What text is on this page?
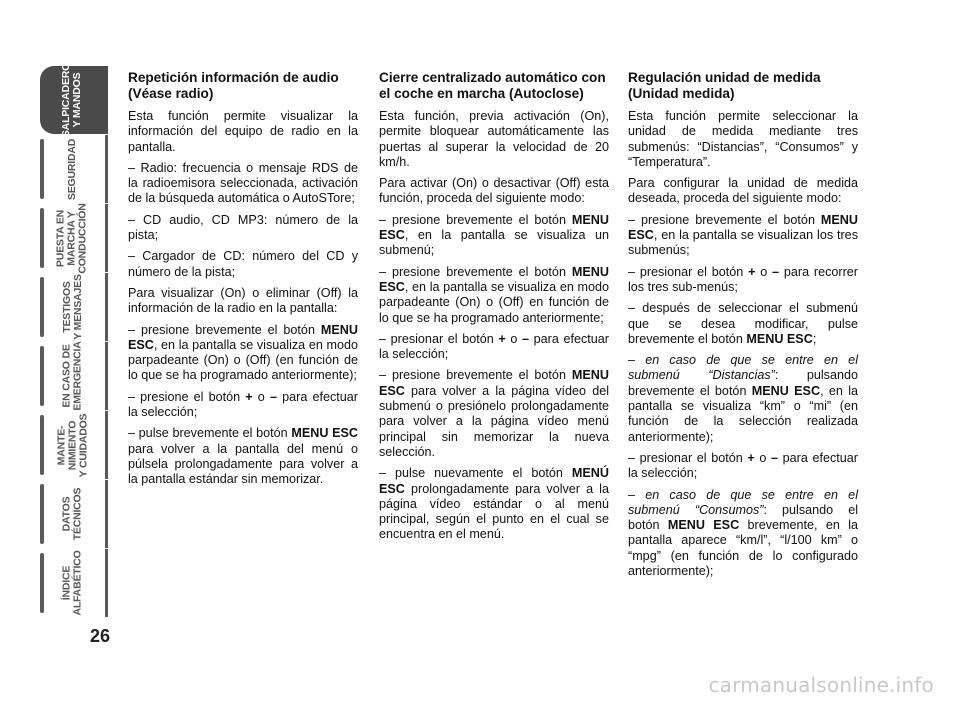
SALPICADERO
Y MANDOS
SEGURIDAD
PUESTA EN
MARCHA Y
CONDUCCIÓN
TESTIGOS
Y MENSAJES
EN CASO DE
EMERGENCIA
MANTE-
NIMIENTO
Y CUIDADOS
DATOS
TÉCNICOS
ÍNDICE
ALFABÉTICO
26
Repetición información de audio (Véase radio)

Esta función permite visualizar la información del equipo de radio en la pantalla.

– Radio: frecuencia o mensaje RDS de la radioemisora seleccionada, activación de la búsqueda automática o AutoSTore;

– CD audio, CD MP3: número de la pista;

– Cargador de CD: número del CD y número de la pista;

Para visualizar (On) o eliminar (Off) la información de la radio en la pantalla:

– presione brevemente el botón MENU ESC, en la pantalla se visualiza en modo parpadeante (On) o (Off) (en función de lo que se ha programado anteriormente);

– presione el botón + o – para efectuar la selección;

– pulse brevemente el botón MENU ESC para volver a la pantalla del menú o púlsela prolongadamente para volver a la pantalla estándar sin memorizar.

Cierre centralizado automático con el coche en marcha (Autoclose)

Esta función, previa activación (On), permite bloquear automáticamente las puertas al superar la velocidad de 20 km/h.

Para activar (On) o desactivar (Off) esta función, proceda del siguiente modo:

– presione brevemente el botón MENU ESC, en la pantalla se visualiza un submenú;

– presione brevemente el botón MENU ESC, en la pantalla se visualiza en modo parpadeante (On) o (Off) en función de lo que se ha programado anteriormente;

– presionar el botón + o – para efectuar la selección;

– presione brevemente el botón MENU ESC para volver a la página vídeo del submenú o presiónelo prolongadamente para volver a la página vídeo menú principal sin memorizar la nueva selección.

– pulse nuevamente el botón MENÚ ESC prolongadamente para volver a la página vídeo estándar o al menú principal, según el punto en el cual se encuentra en el menú.

Regulación unidad de medida (Unidad medida)

Esta función permite seleccionar la unidad de medida mediante tres submenús: “Distancias”, “Consumos” y “Temperatura”.

Para configurar la unidad de medida deseada, proceda del siguiente modo:

– presione brevemente el botón MENU ESC, en la pantalla se visualizan los tres submenús;

– presionar el botón + o – para recorrer los tres sub-menús;

– después de seleccionar el submenú que se desea modificar, pulse brevemente el botón MENU ESC;

– en caso de que se entre en el submenú “Distancias”: pulsando brevemente el botón MENU ESC, en la pantalla se visualiza “km” o “mi” (en función de la selección realizada anteriormente);

– presionar el botón + o – para efectuar la selección;

– en caso de que se entre en el submenú “Consumos”: pulsando el botón MENU ESC brevemente, en la pantalla aparece “km/l”, “l/100 km” o “mpg” (en función de lo configurado anteriormente);

carmanualsonline.info
